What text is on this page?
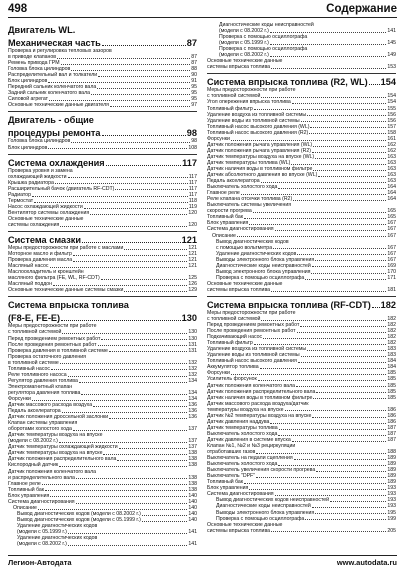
498	Содержание
Двигатель WL.
Механическая часть	87
Проверка и регулировка тепловых зазоров
в приводе клапанов	87
Ремень привода ГРМ	87
Головка блока цилиндров	88
Распределительный вал и толкатели	90
Блок цилиндров	91
Передний сальник коленчатого вала	95
Задний сальник коленчатого вала	95
Силовой агрегат	95
Основные технические данные двигателя	97
Двигатель - общие
процедуры ремонта	98
Головка блока цилиндров	98
Блок цилиндров	108
Система охлаждения	117
Проверка уровня и замена
охлаждающей жидкости	117
Крышка радиатора	117
Расширительный бачок (двигатель RF-CDT)	117
Радиатор	117
Термостат	118
Насос охлаждающей жидкости	119
Вентилятор системы охлаждения	120
Основные технические данные
системы охлаждения	120
Система смазки	121
Меры предосторожности при работе с маслами	121
Моторное масло и фильтр	121
Проверка давления масла	121
Масляный насос	121
Маслоохладитель и кронштейн
масляного фильтра (FE, WL, RF-CDT)	125
Масляный поддон	126
Основные технические данные системы смазки	129
Система впрыска топлива
(F8-E, FE-E)	130
Меры предосторожности при работе
с топливной системой	130
Перед проведением ремонтных работ	130
После проведения ремонтных работ	131
Проверка давления в топливной системе	131
Проверка остаточного давления
в топливной системе	132
Топливный насос	132
Реле топливного насоса	132
Регулятор давления топлива	134
Электромагнитный клапан
регулятора давления топлива	134
Форсунки	134
Датчик массового расхода воздуха	136
Педаль акселератора	136
Датчик положения дроссельной заслонки	136
Клапан системы управления
оборотами холостого хода	137
Датчик температуры воздуха на впуске
(модели с 08.2002 г.)	137
Датчик температуры охлаждающей жидкости	137
Датчик температуры воздуха на впуске	138
Датчик положения распределительного вала	138
Кислородный датчик	138
Датчик положения коленчатого вала
и распределительного вала	138
Главное реле	138
Топливный бак	138
Блок управления	140
Система диагностирования	140
Описание	140
Вывод диагностических кодов (модели с 08.2002 г.)	140
Вывод диагностических кодов (модели с 05.1999 г.)	140
Удаление диагностических кодов
(модели с 05.1999 г.)	141
Удаление диагностических кодов
(модели с 08.2002 г.)	141
Диагностические коды неисправностей
(модели с 08.2002 г.)	141
Проверка с помощью осциллографа
(модели с 05.1999 г.)	145
Проверка с помощью осциллографа
(модели с 08.2002 г.)	149
Основные технические данные
системы впрыска топлива	153
Система впрыска топлива (R2, WL) 154
Меры предосторожности при работе
с топливной системой	154
Угол опережения впрыска топлива	154
Топливный фильтр	155
Удаление воздуха из топливной системы	156
Удаление воды из топливной системы	156
Топливный насос высокого давления (WL)	157
Топливный насос высокого давления (R2)	158
Форсунки	161
Датчик положения рычага управления (WL)	162
Датчик положения рычага управления (R2)	162
Датчик температуры воздуха на впуске (WL)	163
Датчик температуры топлива (WL)	163
Датчик наличия воды в топливном фильтре	163
Датчик абсолютного давления во впуске (WL)	163
Педаль акселератора	163
Выключатель холостого хода	164
Главное реле	164
Реле клапана отсечки топлива (R2)	164
Выключатель системы увеличения
скорости прогрева	165
Топливный бак	165
Блок управления	167
Система диагностирования	167
Описание	167
Вывод диагностических кодов
с помощью вольтметра	167
Удаление диагностических кодов	167
Выводы электронного блока управления	167
Диагностические коды неисправностей	169
Вывод электронного блока управления	170
Проверка с помощью осциллографа	171
Основные технические данные
системы впрыска топлива	181
Система впрыска топлива (RF-CDT) 182
Меры предосторожности при работе
с топливной системой	182
Перед проведением ремонтных работ	182
После проведения ремонтных работ	182
Подкачивающий насос	182
Топливный фильтр	182
Удаление воздуха из топливной системы	183
Удаление воды из топливной системы	183
Топливный насос высокого давления	184
Аккумулятор топлива	184
Форсунки	185
Усилитель форсунок	185
Датчик положения коленчатого вала	185
Датчик положения распределительного вала	185
Датчик наличия воды в топливном фильтре	185
Датчик массового расхода воздуха/датчик
температуры воздуха на впуске	186
Датчик №2 температуры воздуха на впуске	186
Датчик давления наддува	186
Датчик температуры топлива	187
Выключатель холостого хода	187
Датчик давления в системе впуска	187
Клапан №1, №2 и №3 рециркуляции
отработавших газов	188
Выключатель на педали сцепления	189
Выключатель холостого хода	189
Выключатель увеличения скорости прогрева	189
Выключатель "DPF"	189
Топливный бак	189
Блок управления	193
Система диагностирования	193
Вывод диагностических кодов неисправностей	193
Диагностические коды неисправностей	193
Выводы электронного блока управления	195
Проверка с помощью осциллографа	199
Основные технические данные
системы впрыска топлива	205
Легион-Автодата	www.autodata.ru
